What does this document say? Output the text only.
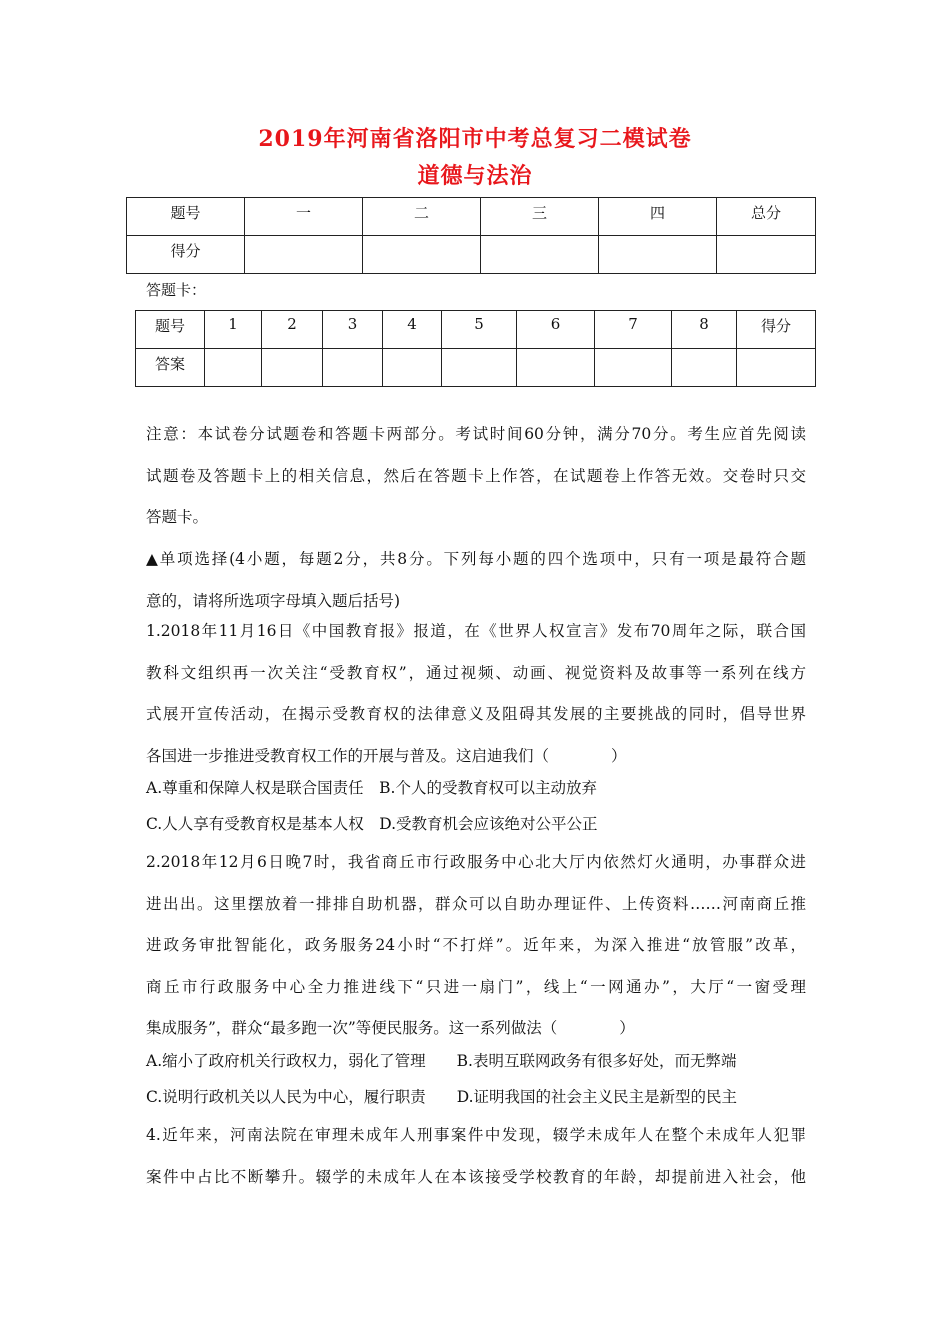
2019年河南省洛阳市中考总复习二模试卷
道德与法治
题号	一	二	三	四	总分
得分					
答题卡：
题号	1	2	3	4	5	6	7	8	得分
答案									
注意：本试卷分试题卷和答题卡两部分。考试时间60分钟，满分70分。考生应首先阅读
试题卷及答题卡上的相关信息，然后在答题卡上作答，在试题卷上作答无效。交卷时只交
答题卡。
▲单项选择(4小题，每题2分，共8分。下列每小题的四个选项中，只有一项是最符合题
意的，请将所选项字母填入题后括号)
1.2018年11月16日《中国教育报》报道，在《世界人权宣言》发布70周年之际，联合国
教科文组织再一次关注“受教育权”，通过视频、动画、视觉资料及故事等一系列在线方
式展开宣传活动，在揭示受教育权的法律意义及阻碍其发展的主要挑战的同时，倡导世界
各国进一步推进受教育权工作的开展与普及。这启迪我们（　　　　）
A.尊重和保障人权是联合国责任　B.个人的受教育权可以主动放弃
C.人人享有受教育权是基本人权　D.受教育机会应该绝对公平公正
2.2018年12月6日晚7时，我省商丘市行政服务中心北大厅内依然灯火通明，办事群众进
进出出。这里摆放着一排排自助机器，群众可以自助办理证件、上传资料……河南商丘推
进政务审批智能化，政务服务24小时“不打烊”。近年来，为深入推进“放管服”改革，
商丘市行政服务中心全力推进线下“只进一扇门”，线上“一网通办”，大厅“一窗受理
集成服务”，群众“最多跑一次”等便民服务。这一系列做法（　　　　）
A.缩小了政府机关行政权力，弱化了管理　　B.表明互联网政务有很多好处，而无弊端
C.说明行政机关以人民为中心，履行职责　　D.证明我国的社会主义民主是新型的民主
4.近年来，河南法院在审理未成年人刑事案件中发现，辍学未成年人在整个未成年人犯罪
案件中占比不断攀升。辍学的未成年人在本该接受学校教育的年龄，却提前进入社会，他
